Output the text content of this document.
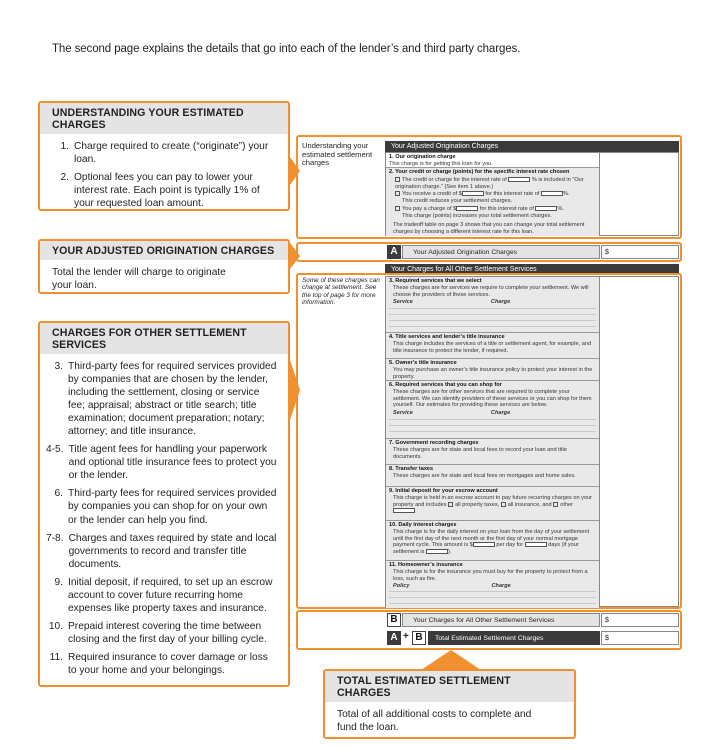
The second page explains the details that go into each of the lender’s and third party charges.
UNDERSTANDING YOUR ESTIMATED CHARGES
1. Charge required to create (“originate”) your loan.
2. Optional fees you can pay to lower your interest rate. Each point is typically 1% of your requested loan amount.
YOUR ADJUSTED ORIGINATION CHARGES
Total the lender will charge to originate your loan.
CHARGES FOR OTHER SETTLEMENT SERVICES
3. Third-party fees for required services provided by companies that are chosen by the lender, including the settlement, closing or service fee; appraisal; abstract or title search; title examination; document preparation; notary; attorney; and title insurance.
4-5. Title agent fees for handling your paperwork and optional title insurance fees to protect you or the lender.
6. Third-party fees for required services provided by companies you can shop for on your own or the lender can help you find.
7-8. Charges and taxes required by state and local governments to record and transfer title documents.
9. Initial deposit, if required, to set up an escrow account to cover future recurring home expenses like property taxes and insurance.
10. Prepaid interest covering the time between closing and the first day of your billing cycle.
11. Required insurance to cover damage or loss to your home and your belongings.
TOTAL ESTIMATED SETTLEMENT CHARGES
Total of all additional costs to complete and fund the loan.
Understanding your estimated settlement charges
Your Adjusted Origination Charges
1. Our origination charge
This charge is for getting this loan for you.
2. Your credit or charge (points) for the specific interest rate chosen
The credit or charge for the interest rate of	% is included in “Our origination charge.” (See item 1 above.)
You receive a credit of $	for this interest rate of	%.
This credit reduces your settlement charges.
You pay a charge of $	for this interest rate of	%.
This charge (points) increases your total settlement charges.
The tradeoff table on page 3 shows that you can change your total settlement charges by choosing a different interest rate for this loan.
A	Your Adjusted Origination Charges	$
Your Charges for All Other Settlement Services
Some of these charges can change at settlement. See the top of page 3 for more information.
3. Required services that we select
These charges are for services we require to complete your settlement. We will choose the providers of these services.
Service	Charge
4. Title services and lender’s title insurance
This charge includes the services of a title or settlement agent, for example, and title insurance to protect the lender, if required.
5. Owner’s title insurance
You may purchase an owner’s title insurance policy to protect your interest in the property.
6. Required services that you can shop for
These charges are for other services that are required to complete your settlement. We can identify providers of these services or you can shop for them yourself. Our estimates for providing these services are below.
Service	Charge
7. Government recording charges
These charges are for state and local fees to record your loan and title documents.
8. Transfer taxes
These charges are for state and local fees on mortgages and home sales.
9. Initial deposit for your escrow account
This charge is held in an escrow account to pay future recurring charges on your property and includes all property taxes, all insurance, and other
10. Daily interest charges
This charge is for the daily interest on your loan from the day of your settlement until the first day of the next month or the first day of your normal mortgage payment cycle. This amount is $	per day for	days (if your settlement is	).
11. Homeowner’s insurance
This charge is for the insurance you must buy for the property to protect from a loss, such as fire.
Policy	Charge
B	Your Charges for All Other Settlement Services	$
A + B	Total Estimated Settlement Charges	$
